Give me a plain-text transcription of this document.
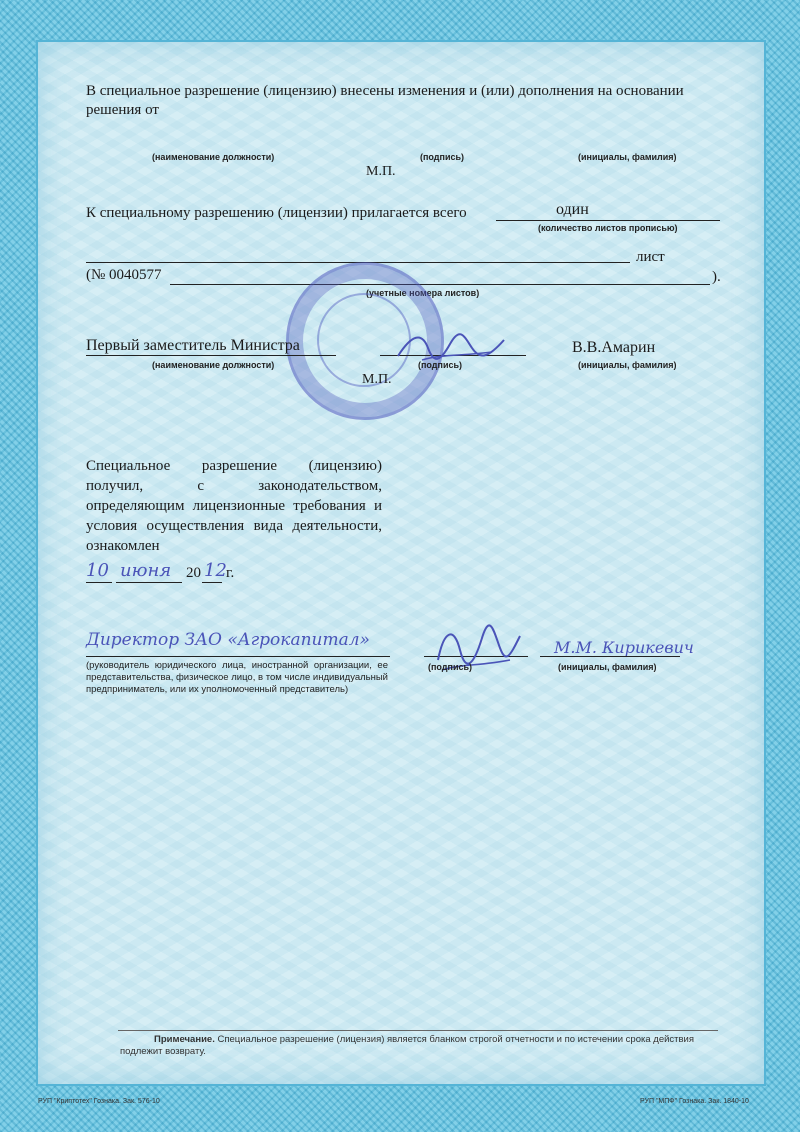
В специальное разрешение (лицензию) внесены изменения и (или) дополнения на основании
решения от
(наименование должности)	(подпись)	(инициалы, фамилия)
М.П.
К специальному разрешению (лицензии) прилагается всего	один
(количество листов прописью)
лист
(№ 0040577	).
(учетные номера листов)
Первый заместитель Министра	В.В.Амарин
(наименование должности)	(подпись)	(инициалы, фамилия)
М.П.
Специальное разрешение (лицензию) получил, с законодательством, определяющим лицензионные требования и условия осуществления вида деятельности, ознакомлен
10 июня 20 12 г.
Директор ЗАО «Агрокапитал»	М.М. Кирикевич
(руководитель юридического лица, иностранной организации, ее представительства, физическое лицо, в том числе индивидуальный предприниматель, или их уполномоченный представитель)
(подпись)	(инициалы, фамилия)
Примечание. Специальное разрешение (лицензия) является бланком строгой отчетности и по истечении срока действия подлежит возврату.
РУП "Криптотех" Гознака. Зак. 576-10	РУП "МПФ" Гознака. Зак. 1840-10
